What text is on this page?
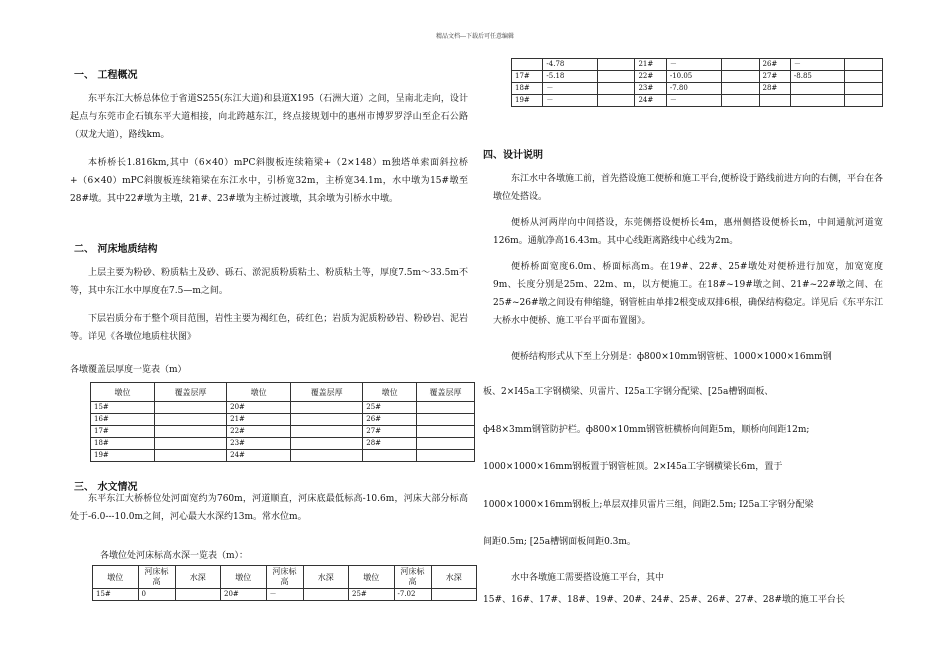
精品文档---下载后可任意编辑
一、 工程概况

东平东江大桥总体位于省道S255(东江大道)和县道X195（石洲大道）之间，呈南北走向，设计起点与东莞市企石镇东平大道相接，向北跨越东江，终点接规划中的惠州市博罗罗浮山至企石公路（双龙大道），路线km。

本桥桥长1.816km,其中（6×40）mPC斜腹板连续箱梁+（2×148）m独塔单索面斜拉桥+（6×40）mPC斜腹板连续箱梁在东江水中，引桥宽32m，主桥宽34.1m，水中墩为15#墩至28#墩。其中22#墩为主墩，21#、23#墩为主桥过渡墩，其余墩为引桥水中墩。

二、 河床地质结构

上层主要为粉砂、粉质粘土及砂、砾石、淤泥质粉质粘土、粉质粘土等，厚度7.5m～33.5m不等，其中东江水中厚度在7.5—m之间。

下层岩质分布于整个项目范围，岩性主要为褐红色，砖红色；岩质为泥质粉砂岩、粉砂岩、泥岩等。详见《各墩位地质柱状图》

各墩覆盖层厚度一览表（m）
墩位	覆盖层厚	墩位	覆盖层厚	墩位	覆盖层厚
15#		20#		25#	
16#		21#		26#	
17#		22#		27#	
18#		23#		28#	
19#		24#			
三、 水文情况

东平东江大桥桥位处河面宽约为760m，河道顺直，河床底最低标高-10.6m，河床大部分标高处于-6.0---10.0m之间，河心最大水深约13m。常水位m。

各墩位处河床标高水深一览表（m）：
墩位	河床标高	水深	墩位	河床标高	水深	墩位	河床标高	水深
15#	0		20#	－		25#	-7.02	
	-4.78		21#	－		26#	－	
17#	-5.18		22#	-10.05		27#	-8.85	
18#	－		23#	-7.80		28#		
19#	－		24#	－				
四、设计说明

东江水中各墩施工前，首先搭设施工便桥和施工平台,便桥设于路线前进方向的右侧，平台在各墩位处搭设。

便桥从河两岸向中间搭设，东莞侧搭设便桥长4m，惠州侧搭设便桥长m，中间通航河道宽126m。通航净高16.43m。其中心线距离路线中心线为2m。

便桥桥面宽度6.0m、桥面标高m。在19#、22#、25#墩处对便桥进行加宽，加宽宽度9m、长度分别是25m、22m、m，以方便施工。在18#~19#墩之间、21#~22#墩之间、在25#~26#墩之间设有伸缩缝，钢管桩由单排2根变成双排6根，确保结构稳定。详见后《东平东江大桥水中便桥、施工平台平面布置图》。

便桥结构形式从下至上分别是：ф800×10mm钢管桩、1000×1000×16mm钢
板、2×I45a工字钢横梁、贝雷片、I25a工字钢分配梁、[25a槽钢面板、
ф48×3mm钢管防护栏。ф800×10mm钢管桩横桥向间距5m，顺桥向间距12m;
1000×1000×16mm钢板置于钢管桩顶。2×I45a工字钢横梁长6m，置于
1000×1000×16mm钢板上;单层双排贝雷片三组，间距2.5m; I25a工字钢分配梁
间距0.5m; [25a槽钢面板间距0.3m。
水中各墩施工需要搭设施工平台，其中
15#、16#、17#、18#、19#、20#、24#、25#、26#、27#、28#墩的施工平台长
